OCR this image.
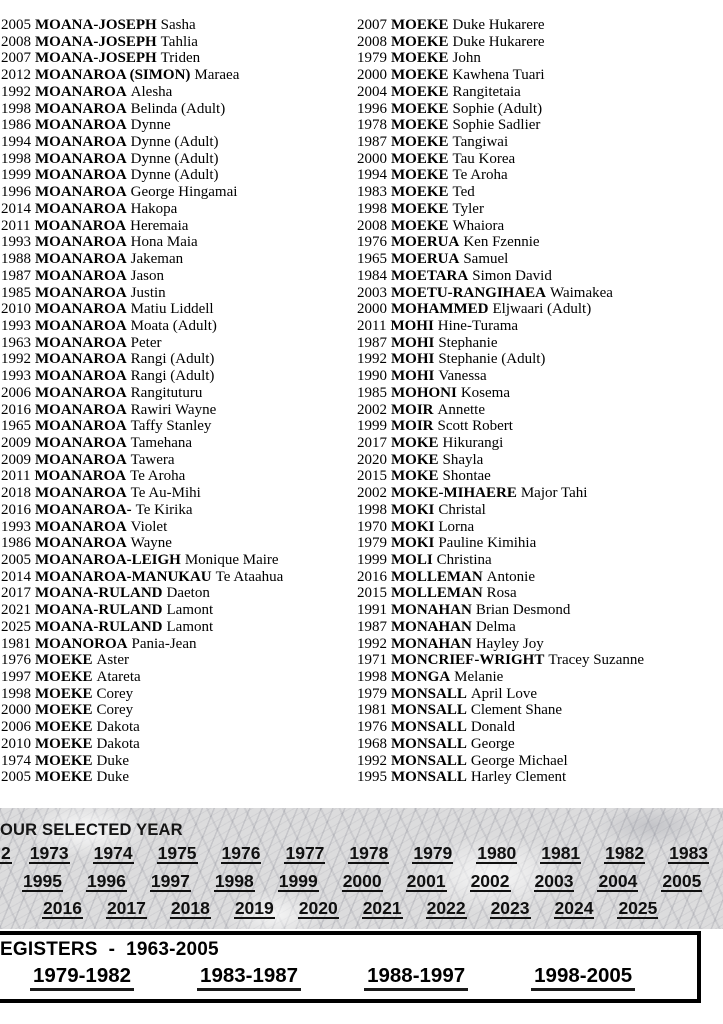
2005 MOANA-JOSEPH Sasha
2008 MOANA-JOSEPH Tahlia
2007 MOANA-JOSEPH Triden
2012 MOANAROA (SIMON) Maraea
1992 MOANAROA Alesha
1998 MOANAROA Belinda (Adult)
1986 MOANAROA Dynne
1994 MOANAROA Dynne (Adult)
1998 MOANAROA Dynne (Adult)
1999 MOANAROA Dynne (Adult)
1996 MOANAROA George Hingamai
2014 MOANAROA Hakopa
2011 MOANAROA Heremaia
1993 MOANAROA Hona Maia
1988 MOANAROA Jakeman
1987 MOANAROA Jason
1985 MOANAROA Justin
2010 MOANAROA Matiu Liddell
1993 MOANAROA Moata (Adult)
1963 MOANAROA Peter
1992 MOANAROA Rangi (Adult)
1993 MOANAROA Rangi (Adult)
2006 MOANAROA Rangituturu
2016 MOANAROA Rawiri Wayne
1965 MOANAROA Taffy Stanley
2009 MOANAROA Tamehana
2009 MOANAROA Tawera
2011 MOANAROA Te Aroha
2018 MOANAROA Te Au-Mihi
2016 MOANAROA- Te Kirika
1993 MOANAROA Violet
1986 MOANAROA Wayne
2005 MOANAROA-LEIGH Monique Maire
2014 MOANAROA-MANUKAU Te Ataahua
2017 MOANA-RULAND Daeton
2021 MOANA-RULAND Lamont
2025 MOANA-RULAND Lamont
1981 MOANOROA Pania-Jean
1976 MOEKE Aster
1997 MOEKE Atareta
1998 MOEKE Corey
2000 MOEKE Corey
2006 MOEKE Dakota
2010 MOEKE Dakota
1974 MOEKE Duke
2005 MOEKE Duke
2007 MOEKE Duke Hukarere
2008 MOEKE Duke Hukarere
1979 MOEKE John
2000 MOEKE Kawhena Tuari
2004 MOEKE Rangitetaia
1996 MOEKE Sophie (Adult)
1978 MOEKE Sophie Sadlier
1987 MOEKE Tangiwai
2000 MOEKE Tau Korea
1994 MOEKE Te Aroha
1983 MOEKE Ted
1998 MOEKE Tyler
2008 MOEKE Whaiora
1976 MOERUA Ken Fzennie
1965 MOERUA Samuel
1984 MOETARA Simon David
2003 MOETU-RANGIHAEA Waimakea
2000 MOHAMMED Eljwaari (Adult)
2011 MOHI Hine-Turama
1987 MOHI Stephanie
1992 MOHI Stephanie (Adult)
1990 MOHI Vanessa
1985 MOHONI Kosema
2002 MOIR Annette
1999 MOIR Scott Robert
2017 MOKE Hikurangi
2020 MOKE Shayla
2015 MOKE Shontae
2002 MOKE-MIHAERE Major Tahi
1998 MOKI Christal
1970 MOKI Lorna
1979 MOKI Pauline Kimihia
1999 MOLI Christina
2016 MOLLEMAN Antonie
2015 MOLLEMAN Rosa
1991 MONAHAN Brian Desmond
1987 MONAHAN Delma
1992 MONAHAN Hayley Joy
1971 MONCRIEF-WRIGHT Tracey Suzanne
1998 MONGA Melanie
1979 MONSALL April Love
1981 MONSALL Clement Shane
1976 MONSALL Donald
1968 MONSALL George
1992 MONSALL George Michael
1995 MONSALL Harley Clement
OUR SELECTED YEAR
2 1973 1974 1975 1976 1977 1978 1979 1980 1981 1982 1983
1995 1996 1997 1998 1999 2000 2001 2002 2003 2004 2005
2016 2017 2018 2019 2020 2021 2022 2023 2024 2025
EGISTERS  -  1963-2005
1979-1982	1983-1987	1988-1997	1998-2005
